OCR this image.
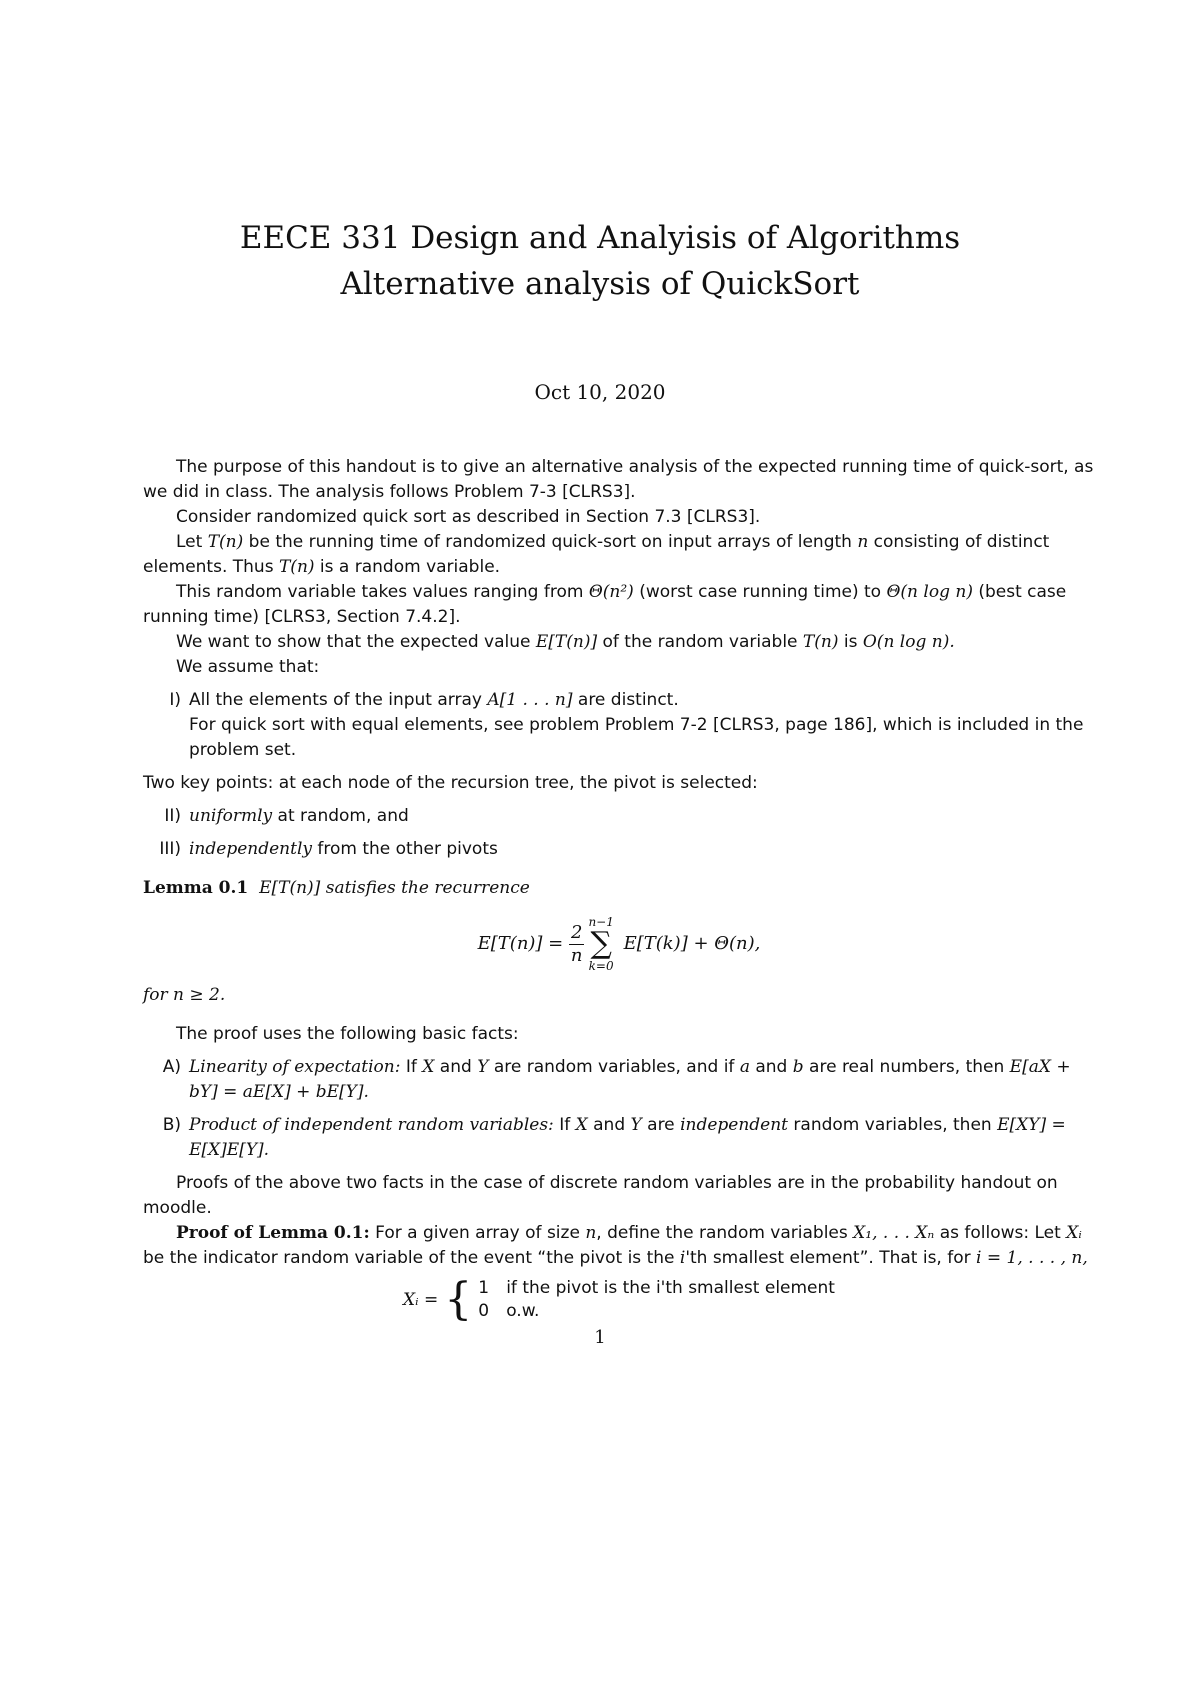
EECE 331 Design and Analyisis of Algorithms
Alternative analysis of QuickSort
Oct 10, 2020

The purpose of this handout is to give an alternative analysis of the expected running time of quick-sort, as we did in class. The analysis follows Problem 7-3 [CLRS3].

Consider randomized quick sort as described in Section 7.3 [CLRS3].

Let T(n) be the running time of randomized quick-sort on input arrays of length n consisting of distinct elements. Thus T(n) is a random variable.

This random variable takes values ranging from Θ(n²) (worst case running time) to Θ(n log n) (best case running time) [CLRS3, Section 7.4.2].

We want to show that the expected value E[T(n)] of the random variable T(n) is O(n log n).

We assume that:

I) All the elements of the input array A[1 . . . n] are distinct.
For quick sort with equal elements, see problem Problem 7-2 [CLRS3, page 186], which is included in the problem set.

Two key points: at each node of the recursion tree, the pivot is selected:

II) uniformly at random, and
III) independently from the other pivots

Lemma 0.1 E[T(n)] satisfies the recurrence

$E[T(n)] = \frac{2}{n} n-1$
∑
k=0
E[T(k)] + Θ(n),

for n ≥ 2.

The proof uses the following basic facts:

A) Linearity of expectation: If X and Y are random variables, and if a and b are real numbers, then E[aX + bY] = aE[X] + bE[Y].
B) Product of independent random variables: If X and Y are independent random variables, then E[XY] = E[X]E[Y].

Proofs of the above two facts in the case of discrete random variables are in the probability handout on moodle.

Proof of Lemma 0.1: For a given array of size n, define the random variables X₁, . . . Xₙ as follows: Let Xᵢ be the indicator random variable of the event “the pivot is the i'th smallest element”. That is, for i = 1, . . . , n,

Xᵢ = { 1 if the pivot is the i'th smallest element
0 o.w.
1
